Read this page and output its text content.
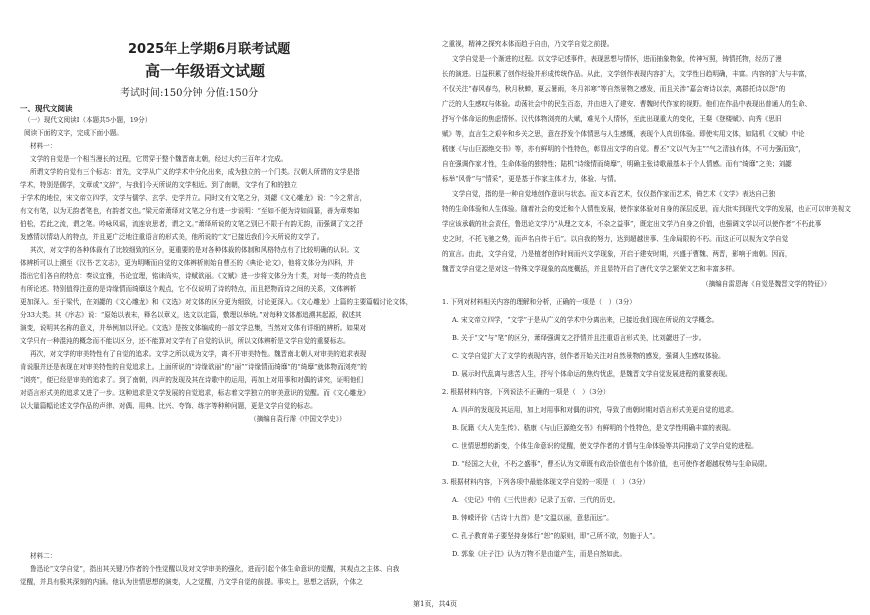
2025年上学期6月联考试题
高一年级语文试题
考试时间:150分钟 分值:150分
一、现代文阅读
（一）现代文阅读Ⅰ（本题共5小题，19分）
阅读下面的文字，完成下面小题。
材料一：
文学的自觉是一个相当漫长的过程，它贯穿于整个魏晋南北朝，经过大约三百年才完成。
所谓文学的自觉有三个标志：首先，文学从广义的学术中分化出来，成为独立的一个门类。汉朝人所谓的文学是指
学术，特别是儒学，文章或“文辞”，与我们今天所说的文学相近。到了南朝，文学有了和的独立
于学术的地位，宋文帝立四学，文学与儒学、玄学、史学并立。同时文有文笔之分，刘勰《文心雕龙》说：“今之常言，
有文有笔，以为无韵者笔也，有韵者文也。”梁元帝萧绎对文笔之分有进一步说明：“至如不便为诗如阎纂，善为章奏如
伯松，若此之流，谓之笔。吟咏风谣，流连哀思者，谓之文。”萧绎所说的文笔之别已不限于有韵无韵，而强调了文之抒
发感情以情动人的特点，并且更广泛地注重语言的形式美，他所说的“文”已接近我们今天所说的文学了。
其次，对文学的各种体裁有了比较细致的区分，更重要的是对各种体裁的体制和风格特点有了比较明确的认识。文
体辨析可以上溯至《汉书·艺文志》，更为明晰而自觉的文体辨析则始自曹丕的《典论·论文》，他将文体分为四科，并
指出它们各自的特点：奏议宜雅，书论宜理，铭诔尚实，诗赋欲丽。《文赋》进一步将文体分为十类，对每一类的特点也
有所论述。特别值得注意的是诗缘情而绮靡这个观点，它不仅说明了诗的特点，而且把物而诗之间的关系，文体辨析
更加深入。至于梁代，在刘勰的《文心雕龙》和《文选》对文体的区分更为细致，讨论更深入。《文心雕龙》上篇的主要篇幅讨论文体，
分33大类。其《序志》说：“原始以表末，释名以章义，选文以定篇，敷理以举统。”对每种文体都追溯其起源，叙述其
演变，说明其名称的意义，并举例加以评论。《文选》是按文体编成的一部文学总集，当然对文体有详细的辨析。如果对
文学只有一种混沌的概念而不能以区分，还不能算对文学有了自觉的认识，所以文体辨析是文学自觉的重要标志。
再次，对文学的审美特性有了自觉的追求。文学之所以成为文学，离不开审美特性。魏晋南北朝人对审美的追求表现
肯说服并还是表现在对审美特性的自觉追求上。上面所说的“诗缘欲丽”的“丽”“诗缘情而绮靡”的“绮靡”就体物而浏亮”的
“浏亮”，便已经是审美的追求了。到了南朝，四声的发现及其在诗歌中的运用，再加上对用事和对偶的讲究，证明他们
对语言形式美的追求又进了一步。这种追求是文学发展的自觉追求，标志着文学独立的审美意识的觉醒。而《文心雕龙》
以大量篇幅论述文学作品的声律、对偶、用典、比兴、夸饰、练字等种种问题，更是文学自觉的标志。
（摘编自袁行霈《中国文学史》）
材料二：
鲁迅论“文学自觉”，指出其关键乃作者的个性觉醒以及对文学审美的强化，进而引起个体生命意识的觉醒，其观点之主体、自我
觉醒，并具有极其深刻的内涵。他认为世情思想的演变，人之觉醒，乃文学自觉的前提。事实上，思想之活跃，个体之
之重视，精神之探究本体而趋于自由，乃文学自觉之前提。
文学自觉是一个渐进的过程。以文学记述事件，表现思想与情怀，进而抽象物象，传神写照，铸情托物，经历了漫
长的演进。日益积累了创作经验并形成传统作品。从此，文学创作表现内容扩大，文学性日趋明确，丰富。内容的扩大与丰富，
不仅关注“春风春鸟，秋月秋蝉，夏云暑雨，冬月祁寒”等自然景物之感发，而且关涉“嘉会寄诗以亲，离群托诗以怨”的
广泛的人生感叹与体验。动荡社会中的民生百态，并由进入了建安、曹魏时代作家的视野。他们在作品中表现出普通人的生命、
抒写个体命运的焦虑情怀。汉代体物浏亮的大赋，难见个人情怀，至此出现重大的变化，王粲《登楼赋》、向秀《思旧
赋》等，直言生之艰辛和乡关之思，意在抒发个体情思与人生感慨，表现个人真切体验。即使实用文体，如陆机《文赋》中论
嵇康《与山巨源绝交书》等，亦有鲜明的个性特色，彰显出文学的自觉。曹丕“文以气为主”“气之清浊有体，不可力强而致”，
自在强调作家才性，生命体验的独特性；陆机“诗缘情而绮靡”，明确主张诗歌最基本于个人情感。而有“绮靡”之美；刘勰
标举“风骨”与“情采”，更是基于作家主体才力，体验、与情。
文学自觉，指的是一种自觉地创作意识与状态。而文本而艺术，仅仅指作家而艺术，倚艺术《文学》表达自己独
特的生命体验和人生体验。随着社会的变迁和个人情性发展，使作家体验对自身的深层反思，而大批实到现代文学的发展，也正可以审美视文
学应该承载的社会责任，鲁迅论文学乃“从理之文本，不杂之益事”，既定出文学乃自身之价值，也强调文学以可以使作者“不朽此事
史之时，不托飞驰之势，而声名自传于后”。以自我的努力，达到超越世事、生命局限的不朽。而这正可以视为文学自觉
的宣言。由此，文学自觉，乃是植者创作时间而兴文学现象，开启于建安时期，兴盛于曹魏、两晋，影响于南朝。因而，
魏晋文学自觉之是对这一特殊文学现象的高度概括，并且显特开启了唐代文学之繁荣文艺和丰富多样。
（摘编自雷恩海《自觉是魏晋文学的特征》）
1. 下列对材料相关内容的理解和分析，正确的一项是（　）（3分）
A. 宋文帝立四学，“文学”于是从广义的学术中分离出来，已接近我们现在所说的文学概念。
B. 关于“文”与“笔”的区分，萧绎强调文之抒情并且注重语言形式美，比刘勰进了一步。
C. 文学自觉扩大了文学的表现内容，创作者开始关注对自然景物的感发，强调人生感叹体验。
D. 展示时代乱离与悲苦人生，抒写个体命运的焦灼忧虑，是魏晋文学自觉发展进程的重要表现。
2. 根据材料内容，下列说法不正确的一项是（　）（3分）
A. 四声的发现及其运用，加上对用事和对偶的讲究，导致了南朝时期对语言形式美更自觉的追求。
B. 阮籍《大人先生传》、嵇康《与山巨源绝交书》有鲜明的个性特色，是文学性明确丰富的表现。
C. 世情思想的新变，个体生命意识的觉醒，使文学作者的才情与生命体验等共同推动了文学自觉的进程。
D. “经国之大业，不朽之盛事”，曹丕认为文章既有政治价值也有个体价值，也可使作者超越权势与生命局限。
3. 根据材料内容，下列各项中最能体现文学自觉的一项是（　）（3分）
A. 《史记》中的《三代世表》记录了五帝、三代的历史。
B. 钟嵘评价《古诗十九首》是“文温以丽，意悲而远”。
C. 孔子教育弟子要坚持身体行“恕”的原则，即“己所不欲，勿施于人”。
D. 郭象《庄子注》认为万物不是由道产生，而是自然如此。
第1页，共4页
